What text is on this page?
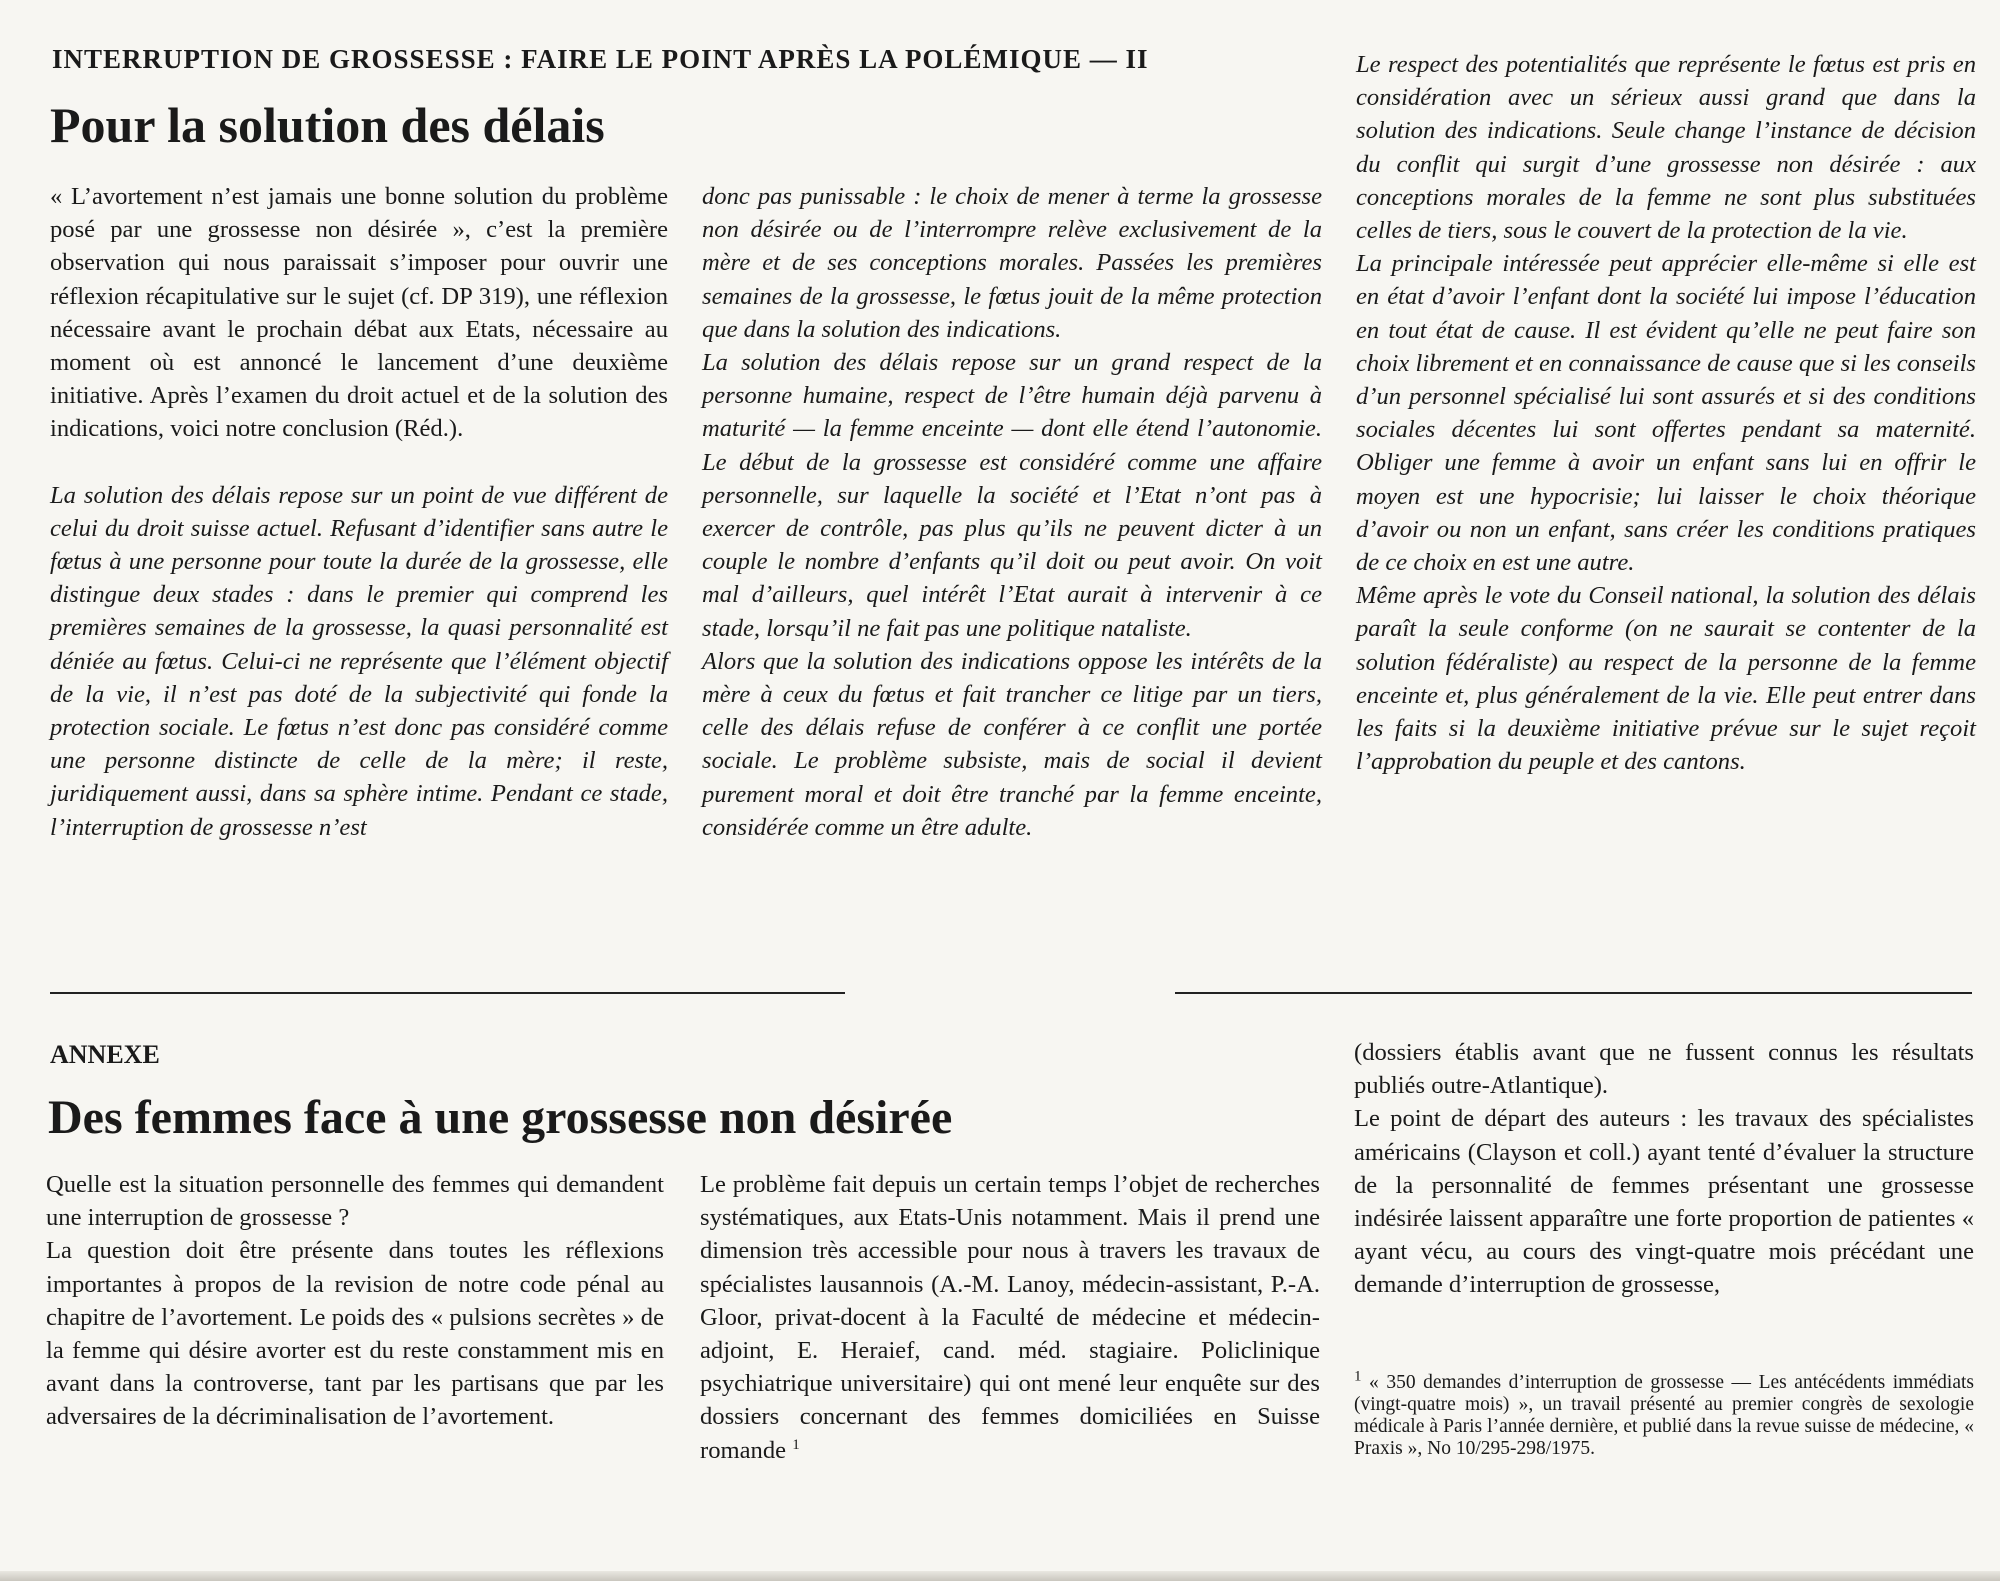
INTERRUPTION DE GROSSESSE : FAIRE LE POINT APRÈS LA POLÉMIQUE — II
Pour la solution des délais

« L’avortement n’est jamais une bonne solution du problème posé par une grossesse non désirée », c’est la première observation qui nous paraissait s’imposer pour ouvrir une réflexion récapitulative sur le sujet (cf. DP 319), une réflexion nécessaire avant le prochain débat aux Etats, nécessaire au moment où est annoncé le lancement d’une deuxième initiative. Après l’examen du droit actuel et de la solution des indications, voici notre conclusion (Réd.).

La solution des délais repose sur un point de vue différent de celui du droit suisse actuel. Refusant d’identifier sans autre le fœtus à une personne pour toute la durée de la grossesse, elle distingue deux stades : dans le premier qui comprend les premières semaines de la grossesse, la quasi personnalité est déniée au fœtus. Celui-ci ne représente que l’élément objectif de la vie, il n’est pas doté de la subjectivité qui fonde la protection sociale. Le fœtus n’est donc pas considéré comme une personne distincte de celle de la mère; il reste, juridiquement aussi, dans sa sphère intime. Pendant ce stade, l’interruption de grossesse n’est

donc pas punissable : le choix de mener à terme la grossesse non désirée ou de l’interrompre relève exclusivement de la mère et de ses conceptions morales. Passées les premières semaines de la grossesse, le fœtus jouit de la même protection que dans la solution des indications.

La solution des délais repose sur un grand respect de la personne humaine, respect de l’être humain déjà parvenu à maturité — la femme enceinte — dont elle étend l’autonomie. Le début de la grossesse est considéré comme une affaire personnelle, sur laquelle la société et l’Etat n’ont pas à exercer de contrôle, pas plus qu’ils ne peuvent dicter à un couple le nombre d’enfants qu’il doit ou peut avoir. On voit mal d’ailleurs, quel intérêt l’Etat aurait à intervenir à ce stade, lorsqu’il ne fait pas une politique nataliste.

Alors que la solution des indications oppose les intérêts de la mère à ceux du fœtus et fait trancher ce litige par un tiers, celle des délais refuse de conférer à ce conflit une portée sociale. Le problème subsiste, mais de social il devient purement moral et doit être tranché par la femme enceinte, considérée comme un être adulte.

Le respect des potentialités que représente le fœtus est pris en considération avec un sérieux aussi grand que dans la solution des indications. Seule change l’instance de décision du conflit qui surgit d’une grossesse non désirée : aux conceptions morales de la femme ne sont plus substituées celles de tiers, sous le couvert de la protection de la vie.

La principale intéressée peut apprécier elle-même si elle est en état d’avoir l’enfant dont la société lui impose l’éducation en tout état de cause. Il est évident qu’elle ne peut faire son choix librement et en connaissance de cause que si les conseils d’un personnel spécialisé lui sont assurés et si des conditions sociales décentes lui sont offertes pendant sa maternité. Obliger une femme à avoir un enfant sans lui en offrir le moyen est une hypocrisie; lui laisser le choix théorique d’avoir ou non un enfant, sans créer les conditions pratiques de ce choix en est une autre.

Même après le vote du Conseil national, la solution des délais paraît la seule conforme (on ne saurait se contenter de la solution fédéraliste) au respect de la personne de la femme enceinte et, plus généralement de la vie. Elle peut entrer dans les faits si la deuxième initiative prévue sur le sujet reçoit l’approbation du peuple et des cantons.

ANNEXE
Des femmes face à une grossesse non désirée

Quelle est la situation personnelle des femmes qui demandent une interruption de grossesse ?

La question doit être présente dans toutes les réflexions importantes à propos de la revision de notre code pénal au chapitre de l’avortement. Le poids des « pulsions secrètes » de la femme qui désire avorter est du reste constamment mis en avant dans la controverse, tant par les partisans que par les adversaires de la décriminalisation de l’avortement.

Le problème fait depuis un certain temps l’objet de recherches systématiques, aux Etats-Unis notamment. Mais il prend une dimension très accessible pour nous à travers les travaux de spécialistes lausannois (A.-M. Lanoy, médecin-assistant, P.-A. Gloor, privat-docent à la Faculté de médecine et médecin-adjoint, E. Heraief, cand. méd. stagiaire. Policlinique psychiatrique universitaire) qui ont mené leur enquête sur des dossiers concernant des femmes domiciliées en Suisse romande $^1$

(dossiers établis avant que ne fussent connus les résultats publiés outre-Atlantique).

Le point de départ des auteurs : les travaux des spécialistes américains (Clayson et coll.) ayant tenté d’évaluer la structure de la personnalité de femmes présentant une grossesse indésirée laissent apparaître une forte proportion de patientes « ayant vécu, au cours des vingt-quatre mois précédant une demande d’interruption de grossesse,

$^1$ « 350 demandes d’interruption de grossesse — Les antécédents immédiats (vingt-quatre mois) », un travail présenté au premier congrès de sexologie médicale à Paris l’année dernière, et publié dans la revue suisse de médecine, « Praxis », No 10/295-298/1975.
